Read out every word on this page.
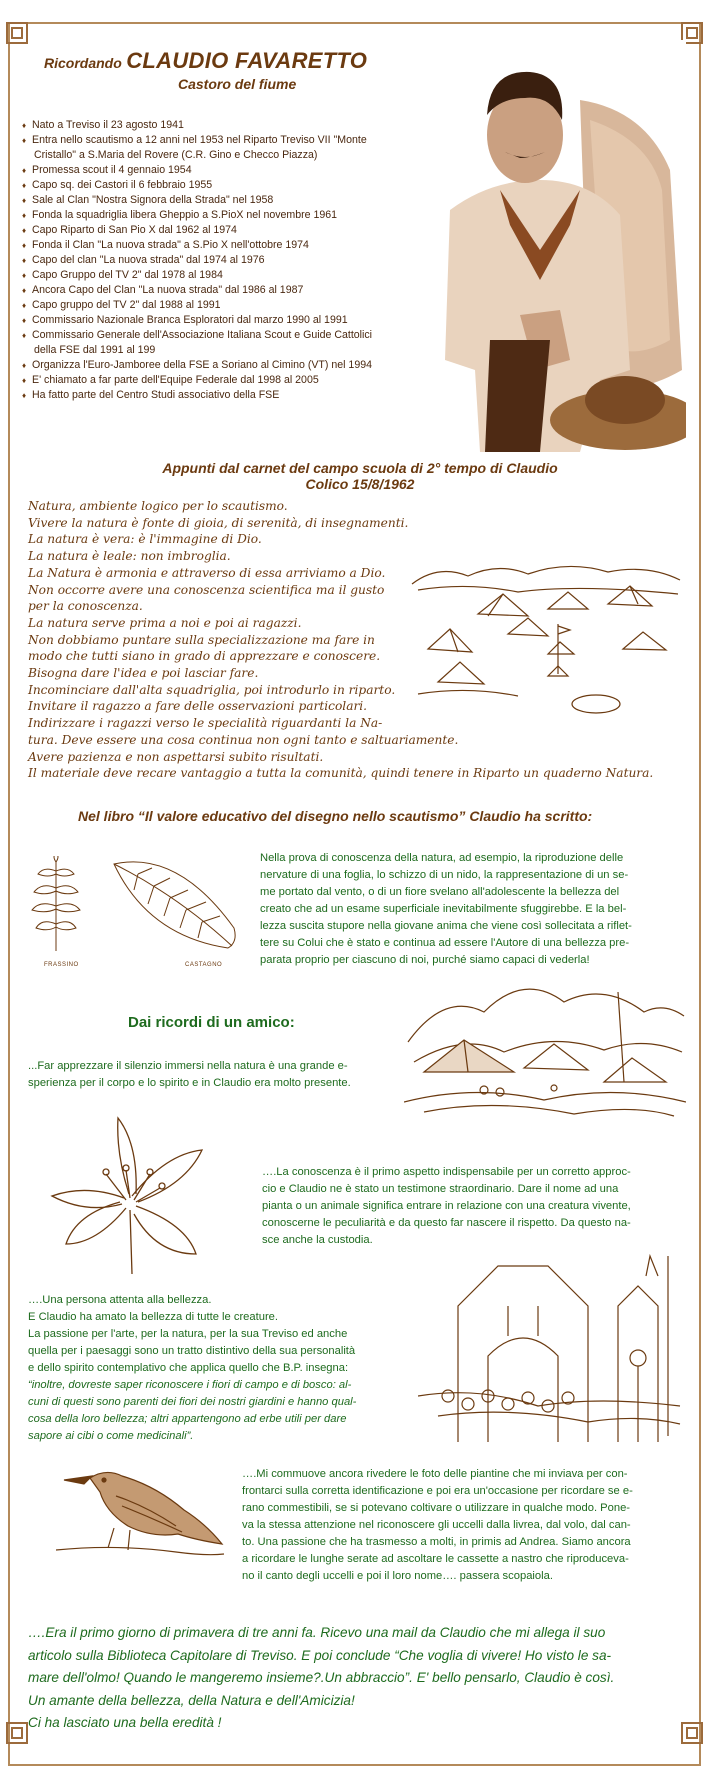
Ricordando CLAUDIO FAVARETTO
Castoro del fiume
♦ Nato a Treviso il 23 agosto 1941
♦ Entra nello scautismo a 12 anni nel 1953 nel Riparto Treviso VII "Monte
Cristallo" a S.Maria del Rovere (C.R. Gino e Checco Piazza)
♦ Promessa scout il 4 gennaio 1954
♦ Capo sq. dei Castori il 6 febbraio 1955
♦ Sale al Clan "Nostra Signora della Strada" nel 1958
♦ Fonda la squadriglia libera Gheppio a S.PioX nel novembre 1961
♦ Capo Riparto di San Pio X dal 1962 al 1974
♦ Fonda il Clan "La nuova strada" a S.Pio X nell'ottobre 1974
♦ Capo del clan "La nuova strada" dal 1974 al 1976
♦ Capo Gruppo del TV 2" dal 1978 al 1984
♦ Ancora Capo del Clan "La nuova strada" dal 1986 al 1987
♦ Capo gruppo del TV 2" dal 1988 al 1991
♦ Commissario Nazionale Branca Esploratori dal marzo 1990 al 1991
♦ Commissario Generale dell'Associazione Italiana Scout e Guide Cattolici
della FSE dal 1991 al 199
♦ Organizza l'Euro-Jamboree della FSE a Soriano al Cimino (VT) nel 1994
♦ E' chiamato a far parte dell'Equipe Federale dal 1998 al 2005
♦ Ha fatto parte del Centro Studi associativo della FSE
Appunti dal carnet del campo scuola di 2° tempo di Claudio
Colico 15/8/1962
Natura, ambiente logico per lo scautismo.
Vivere la natura è fonte di gioia, di serenità, di insegnamenti.
La natura è vera: è l'immagine di Dio.
La natura è leale: non imbroglia.
La Natura è armonia e attraverso di essa arriviamo a Dio.
Non occorre avere una conoscenza scientifica ma il gusto
per la conoscenza.
La natura serve prima a noi e poi ai ragazzi.
Non dobbiamo puntare sulla specializzazione ma fare in
modo che tutti siano in grado di apprezzare e conoscere.
Bisogna dare l'idea e poi lasciar fare.
Incominciare dall'alta squadriglia, poi introdurlo in riparto.
Invitare il ragazzo a fare delle osservazioni particolari.
Indirizzare i ragazzi verso le specialità riguardanti la Na-
tura. Deve essere una cosa continua non ogni tanto e saltuariamente.
Avere pazienza e non aspettarsi subito risultati.
Il materiale deve recare vantaggio a tutta la comunità, quindi tenere in Riparto un quaderno Natura.
Nel libro “Il valore educativo del disegno nello scautismo” Claudio ha scritto:
FRASSINO	CASTAGNO
Nella prova di conoscenza della natura, ad esempio, la riproduzione delle
nervature di una foglia, lo schizzo di un nido, la rappresentazione di un se-
me portato dal vento, o di un fiore svelano all'adolescente la bellezza del
creato che ad un esame superficiale inevitabilmente sfuggirebbe. E la bel-
lezza suscita stupore nella giovane anima che viene così sollecitata a riflet-
tere su Colui che è stato e continua ad essere l'Autore di una bellezza pre-
parata proprio per ciascuno di noi, purché siamo capaci di vederla!
Dai ricordi di un amico:
...Far apprezzare il silenzio immersi nella natura è una grande e-
sperienza per il corpo e lo spirito e in Claudio era molto presente.
….La conoscenza è il primo aspetto indispensabile per un corretto approc-
cio e Claudio ne è stato un testimone straordinario. Dare il nome ad una
pianta o un animale significa entrare in relazione con una creatura vivente,
conoscerne le peculiarità e da questo far nascere il rispetto. Da questo na-
sce anche la custodia.
….Una persona attenta alla bellezza.
E Claudio ha amato la bellezza di tutte le creature.
La passione per l'arte, per la natura, per la sua Treviso ed anche
quella per i paesaggi sono un tratto distintivo della sua personalità
e dello spirito contemplativo che applica quello che B.P. insegna:
“inoltre, dovreste saper riconoscere i fiori di campo e di bosco: al-
cuni di questi sono parenti dei fiori dei nostri giardini e hanno qual-
cosa della loro bellezza; altri appartengono ad erbe utili per dare
sapore ai cibi o come medicinali”.
….Mi commuove ancora rivedere le foto delle piantine che mi inviava per con-
frontarci sulla corretta identificazione e poi era un'occasione per ricordare se e-
rano commestibili, se si potevano coltivare o utilizzare in qualche modo. Pone-
va la stessa attenzione nel riconoscere gli uccelli dalla livrea, dal volo, dal can-
to. Una passione che ha trasmesso a molti, in primis ad Andrea. Siamo ancora
a ricordare le lunghe serate ad ascoltare le cassette a nastro che riproduceva-
no il canto degli uccelli e poi il loro nome…. passera scopaiola.
….Era il primo giorno di primavera di tre anni fa. Ricevo una mail da Claudio che mi allega il suo
articolo sulla Biblioteca Capitolare di Treviso. E poi conclude “Che voglia di vivere! Ho visto le sa-
mare dell'olmo! Quando le mangeremo insieme?.Un abbraccio”. E' bello pensarlo, Claudio è così.
Un amante della bellezza, della Natura e dell'Amicizia!
Ci ha lasciato una bella eredità !
